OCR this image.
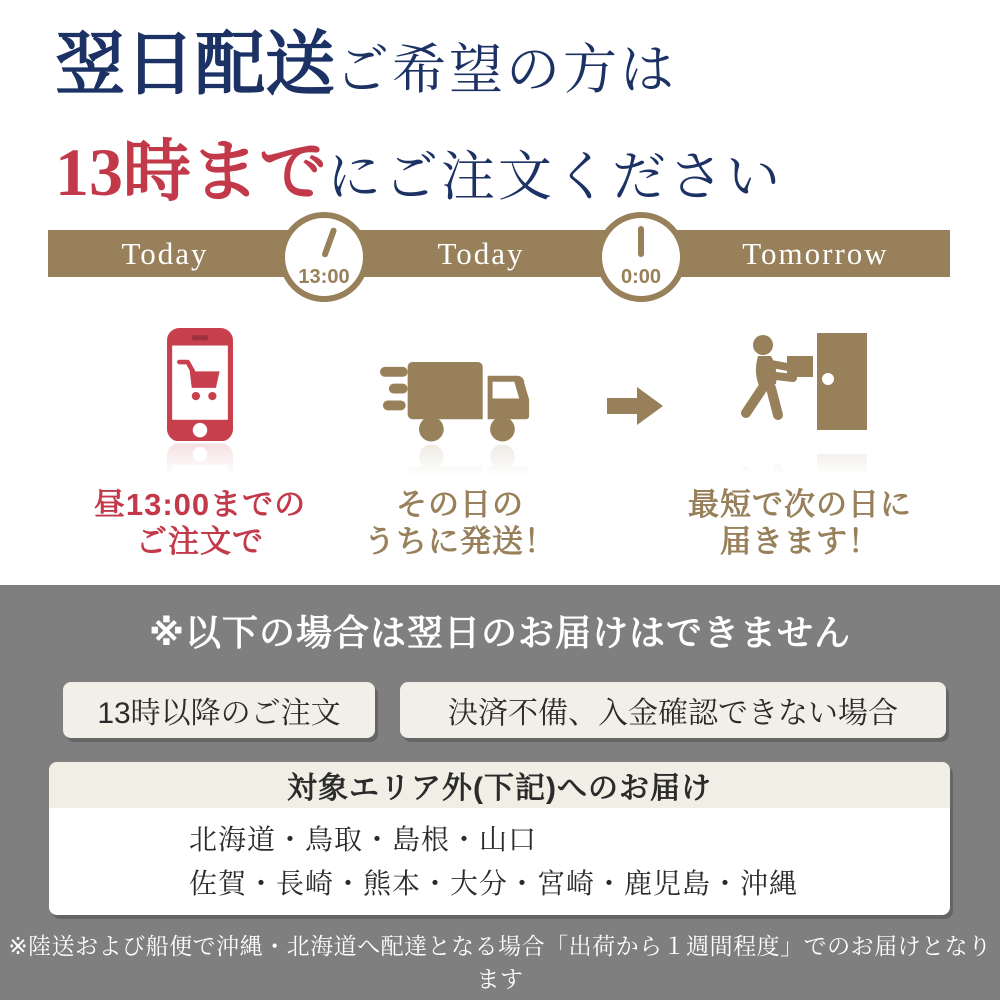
翌日配送ご希望の方は
13時までにご注文ください
Today	Today	Tomorrow
13:00	0:00
昼13:00までの
ご注文で
その日の
うちに発送！
最短で次の日に
届きます！
※以下の場合は翌日のお届けはできません
13時以降のご注文	決済不備、入金確認できない場合
対象エリア外(下記)へのお届け
北海道・鳥取・島根・山口
佐賀・長崎・熊本・大分・宮崎・鹿児島・沖縄
※陸送および船便で沖縄・北海道へ配達となる場合「出荷から１週間程度」でのお届けとなります
